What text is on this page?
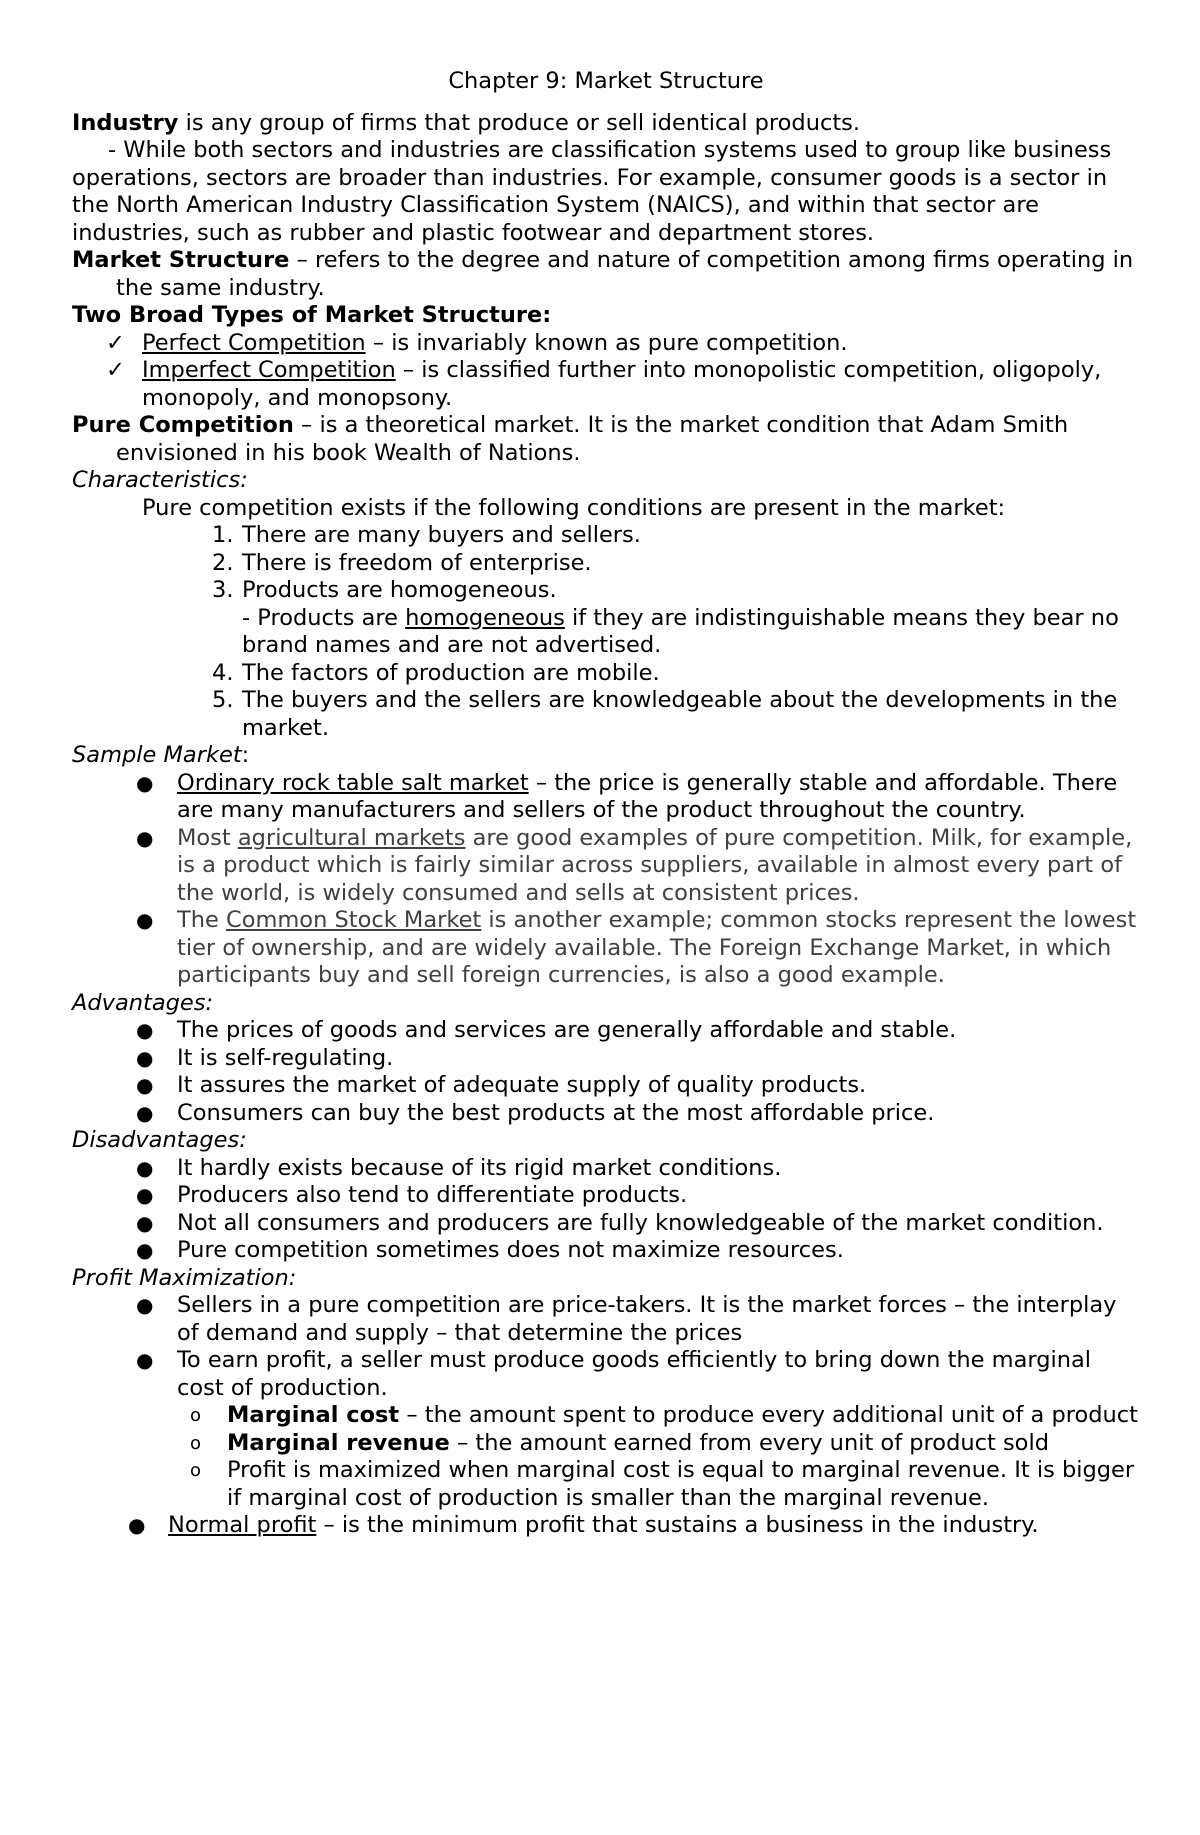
Chapter 9: Market Structure

Industry is any group of firms that produce or sell identical products.

- While both sectors and industries are classification systems used to group like business operations, sectors are broader than industries. For example, consumer goods is a sector in the North American Industry Classification System (NAICS), and within that sector are industries, such as rubber and plastic footwear and department stores.

Market Structure – refers to the degree and nature of competition among firms operating in the same industry.

Two Broad Types of Market Structure:

✓ Perfect Competition – is invariably known as pure competition.
✓ Imperfect Competition – is classified further into monopolistic competition, oligopoly, monopoly, and monopsony.

Pure Competition – is a theoretical market. It is the market condition that Adam Smith envisioned in his book Wealth of Nations.

Characteristics:

Pure competition exists if the following conditions are present in the market:

1. There are many buyers and sellers.
2. There is freedom of enterprise.
3. Products are homogeneous.
- Products are homogeneous if they are indistinguishable means they bear no brand names and are not advertised.
4. The factors of production are mobile.
5. The buyers and the sellers are knowledgeable about the developments in the market.

Sample Market:

● Ordinary rock table salt market – the price is generally stable and affordable. There are many manufacturers and sellers of the product throughout the country.
● Most agricultural markets are good examples of pure competition. Milk, for example, is a product which is fairly similar across suppliers, available in almost every part of the world, is widely consumed and sells at consistent prices.
● The Common Stock Market is another example; common stocks represent the lowest tier of ownership, and are widely available. The Foreign Exchange Market, in which participants buy and sell foreign currencies, is also a good example.

Advantages:

● The prices of goods and services are generally affordable and stable.
● It is self-regulating.
● It assures the market of adequate supply of quality products.
● Consumers can buy the best products at the most affordable price.

Disadvantages:

● It hardly exists because of its rigid market conditions.
● Producers also tend to differentiate products.
● Not all consumers and producers are fully knowledgeable of the market condition.
● Pure competition sometimes does not maximize resources.

Profit Maximization:

● Sellers in a pure competition are price-takers. It is the market forces – the interplay of demand and supply – that determine the prices
● To earn profit, a seller must produce goods efficiently to bring down the marginal cost of production.
o Marginal cost – the amount spent to produce every additional unit of a product
o Marginal revenue – the amount earned from every unit of product sold
o Profit is maximized when marginal cost is equal to marginal revenue. It is bigger if marginal cost of production is smaller than the marginal revenue.
● Normal profit – is the minimum profit that sustains a business in the industry.
